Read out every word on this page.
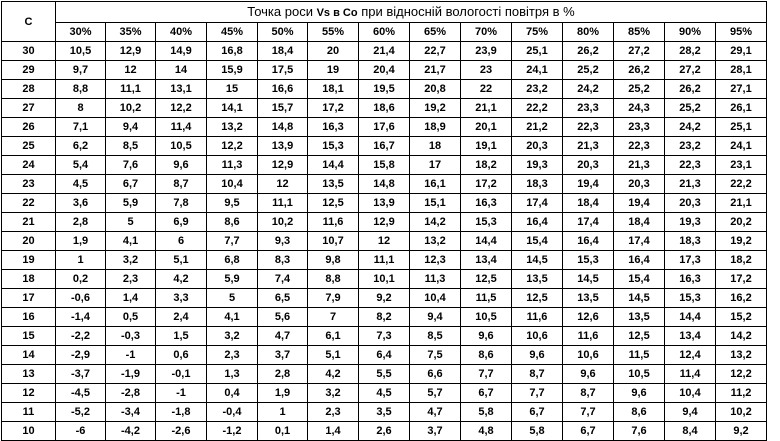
C	Точка роси Vs в Co при відносній вологості повітря в %													
	30%	35%	40%	45%	50%	55%	60%	65%	70%	75%	80%	85%	90%	95%
30	10,5	12,9	14,9	16,8	18,4	20	21,4	22,7	23,9	25,1	26,2	27,2	28,2	29,1
29	9,7	12	14	15,9	17,5	19	20,4	21,7	23	24,1	25,2	26,2	27,2	28,1
28	8,8	11,1	13,1	15	16,6	18,1	19,5	20,8	22	23,2	24,2	25,2	26,2	27,1
27	8	10,2	12,2	14,1	15,7	17,2	18,6	19,2	21,1	22,2	23,3	24,3	25,2	26,1
26	7,1	9,4	11,4	13,2	14,8	16,3	17,6	18,9	20,1	21,2	22,3	23,3	24,2	25,1
25	6,2	8,5	10,5	12,2	13,9	15,3	16,7	18	19,1	20,3	21,3	22,3	23,2	24,1
24	5,4	7,6	9,6	11,3	12,9	14,4	15,8	17	18,2	19,3	20,3	21,3	22,3	23,1
23	4,5	6,7	8,7	10,4	12	13,5	14,8	16,1	17,2	18,3	19,4	20,3	21,3	22,2
22	3,6	5,9	7,8	9,5	11,1	12,5	13,9	15,1	16,3	17,4	18,4	19,4	20,3	21,1
21	2,8	5	6,9	8,6	10,2	11,6	12,9	14,2	15,3	16,4	17,4	18,4	19,3	20,2
20	1,9	4,1	6	7,7	9,3	10,7	12	13,2	14,4	15,4	16,4	17,4	18,3	19,2
19	1	3,2	5,1	6,8	8,3	9,8	11,1	12,3	13,4	14,5	15,3	16,4	17,3	18,2
18	0,2	2,3	4,2	5,9	7,4	8,8	10,1	11,3	12,5	13,5	14,5	15,4	16,3	17,2
17	-0,6	1,4	3,3	5	6,5	7,9	9,2	10,4	11,5	12,5	13,5	14,5	15,3	16,2
16	-1,4	0,5	2,4	4,1	5,6	7	8,2	9,4	10,5	11,6	12,6	13,5	14,4	15,2
15	-2,2	-0,3	1,5	3,2	4,7	6,1	7,3	8,5	9,6	10,6	11,6	12,5	13,4	14,2
14	-2,9	-1	0,6	2,3	3,7	5,1	6,4	7,5	8,6	9,6	10,6	11,5	12,4	13,2
13	-3,7	-1,9	-0,1	1,3	2,8	4,2	5,5	6,6	7,7	8,7	9,6	10,5	11,4	12,2
12	-4,5	-2,8	-1	0,4	1,9	3,2	4,5	5,7	6,7	7,7	8,7	9,6	10,4	11,2
11	-5,2	-3,4	-1,8	-0,4	1	2,3	3,5	4,7	5,8	6,7	7,7	8,6	9,4	10,2
10	-6	-4,2	-2,6	-1,2	0,1	1,4	2,6	3,7	4,8	5,8	6,7	7,6	8,4	9,2
